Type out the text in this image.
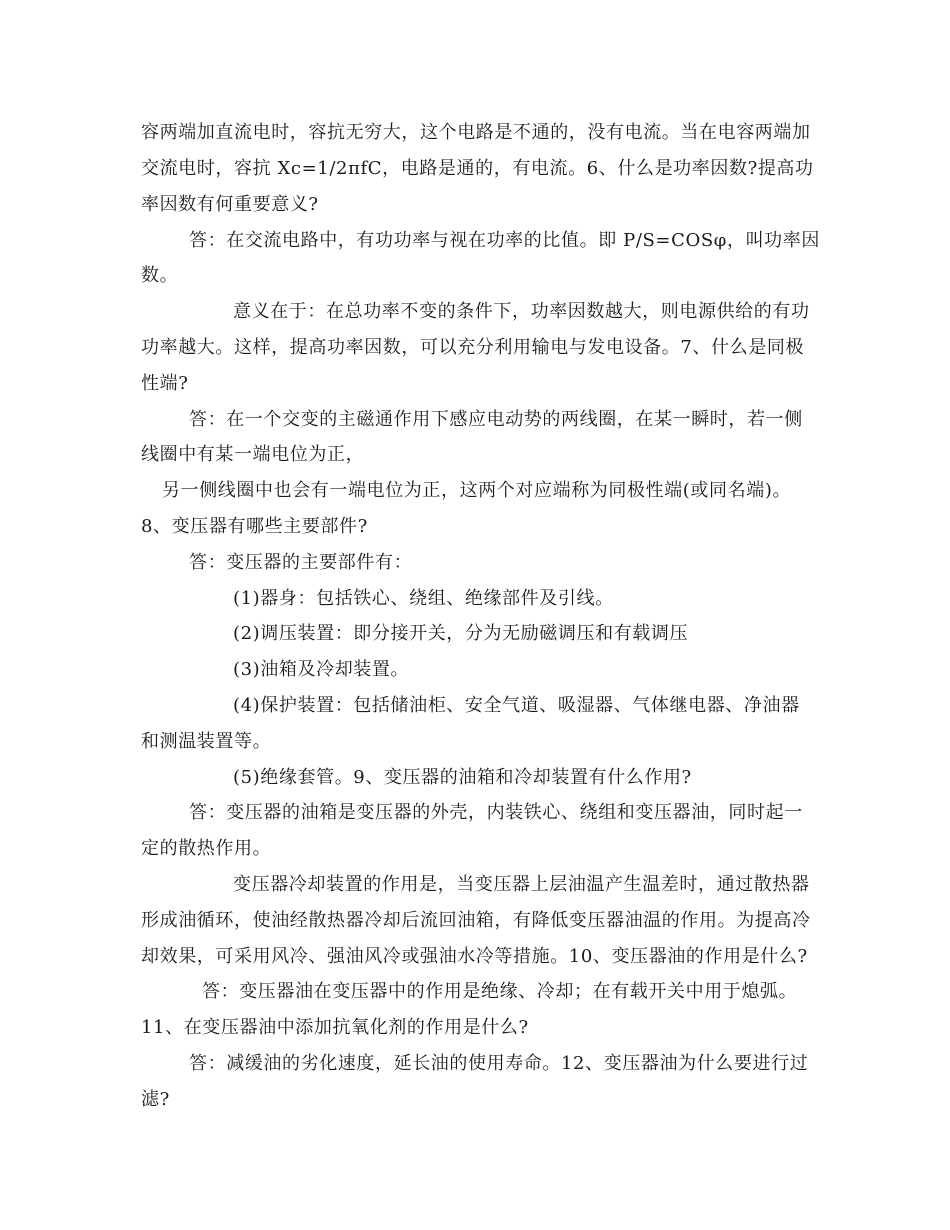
容两端加直流电时，容抗无穷大，这个电路是不通的，没有电流。当在电容两端加
交流电时，容抗 Xc=1/2πfC，电路是通的，有电流。6、什么是功率因数?提高功
率因数有何重要意义?
答：在交流电路中，有功功率与视在功率的比值。即 P/S=COSφ，叫功率因
数。
意义在于：在总功率不变的条件下，功率因数越大，则电源供给的有功
功率越大。这样，提高功率因数，可以充分利用输电与发电设备。7、什么是同极
性端?
答：在一个交变的主磁通作用下感应电动势的两线圈，在某一瞬时，若一侧
线圈中有某一端电位为正，
另一侧线圈中也会有一端电位为正，这两个对应端称为同极性端(或同名端)。
8、变压器有哪些主要部件?
答：变压器的主要部件有：
(1)器身：包括铁心、绕组、绝缘部件及引线。
(2)调压装置：即分接开关，分为无励磁调压和有载调压
(3)油箱及冷却装置。
(4)保护装置：包括储油柜、安全气道、吸湿器、气体继电器、净油器
和测温装置等。
(5)绝缘套管。9、变压器的油箱和冷却装置有什么作用?
答：变压器的油箱是变压器的外壳，内装铁心、绕组和变压器油，同时起一
定的散热作用。
变压器冷却装置的作用是，当变压器上层油温产生温差时，通过散热器
形成油循环，使油经散热器冷却后流回油箱，有降低变压器油温的作用。为提高冷
却效果，可采用风冷、强油风冷或强油水冷等措施。10、变压器油的作用是什么?
答：变压器油在变压器中的作用是绝缘、冷却；在有载开关中用于熄弧。
11、在变压器油中添加抗氧化剂的作用是什么?
答：减缓油的劣化速度，延长油的使用寿命。12、变压器油为什么要进行过
滤?
